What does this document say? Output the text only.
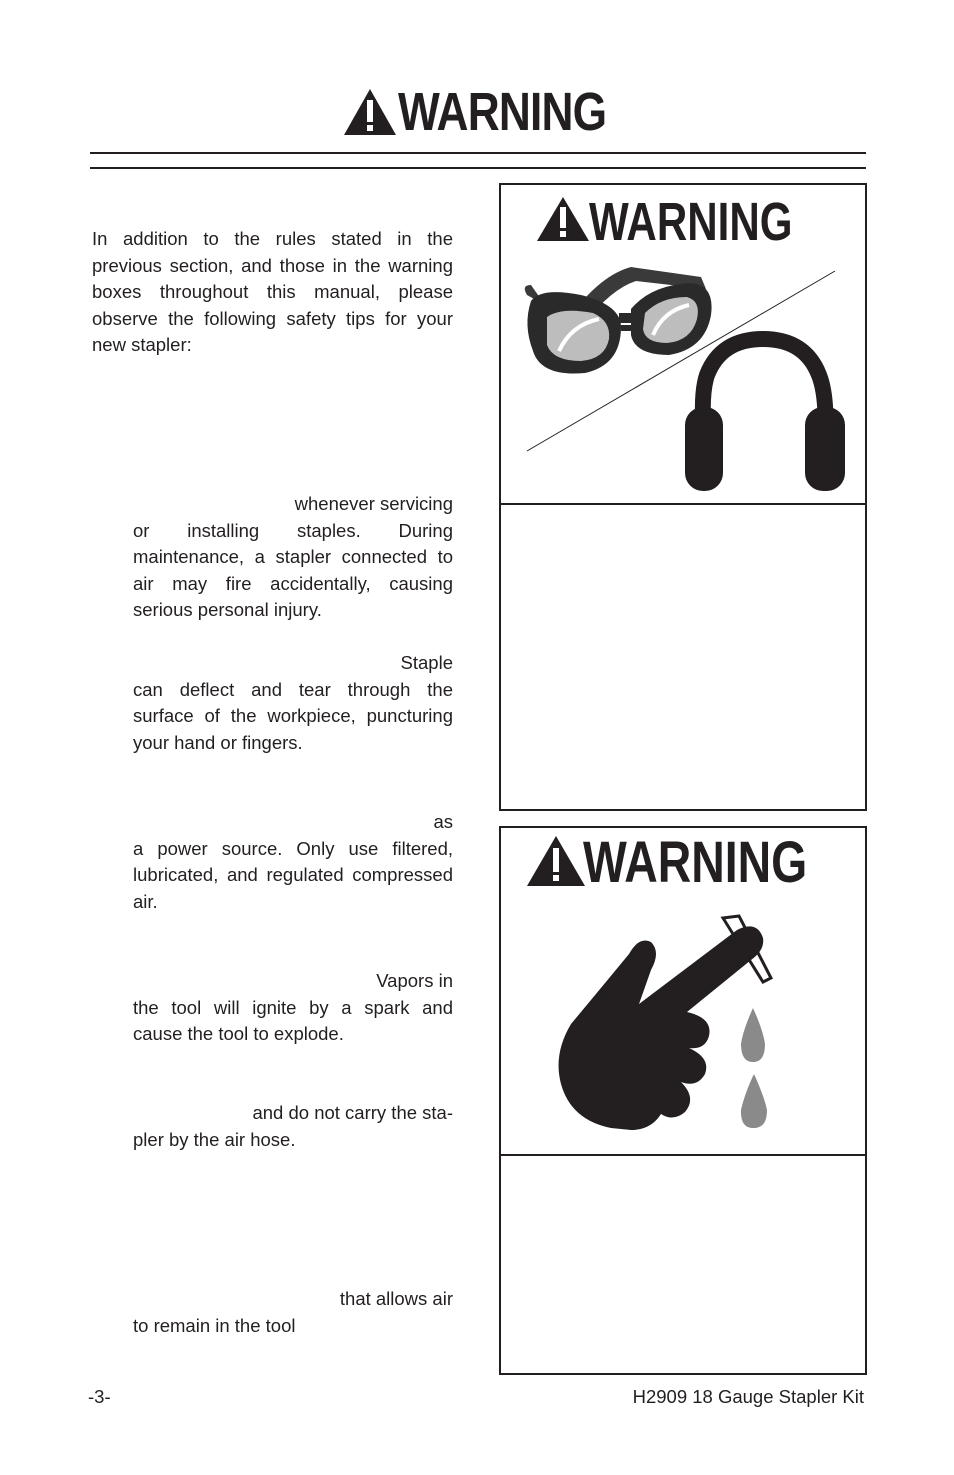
WARNING
In addition to the rules stated in the previous section, and those in the warning boxes throughout this manual, please observe the following safety tips for your new stapler:
whenever servicing
or installing staples. During maintenance, a stapler connected to air may fire accidentally, causing serious personal injury.
Staple
can deflect and tear through the surface of the workpiece, puncturing your hand or fingers.
as
a power source. Only use filtered, lubricated, and regulated compressed air.
Vapors in
the tool will ignite by a spark and cause the tool to explode.
and do not carry the sta-
pler by the air hose.
that allows air
to remain in the tool
WARNING
WARNING
-3-	H2909 18 Gauge Stapler Kit
